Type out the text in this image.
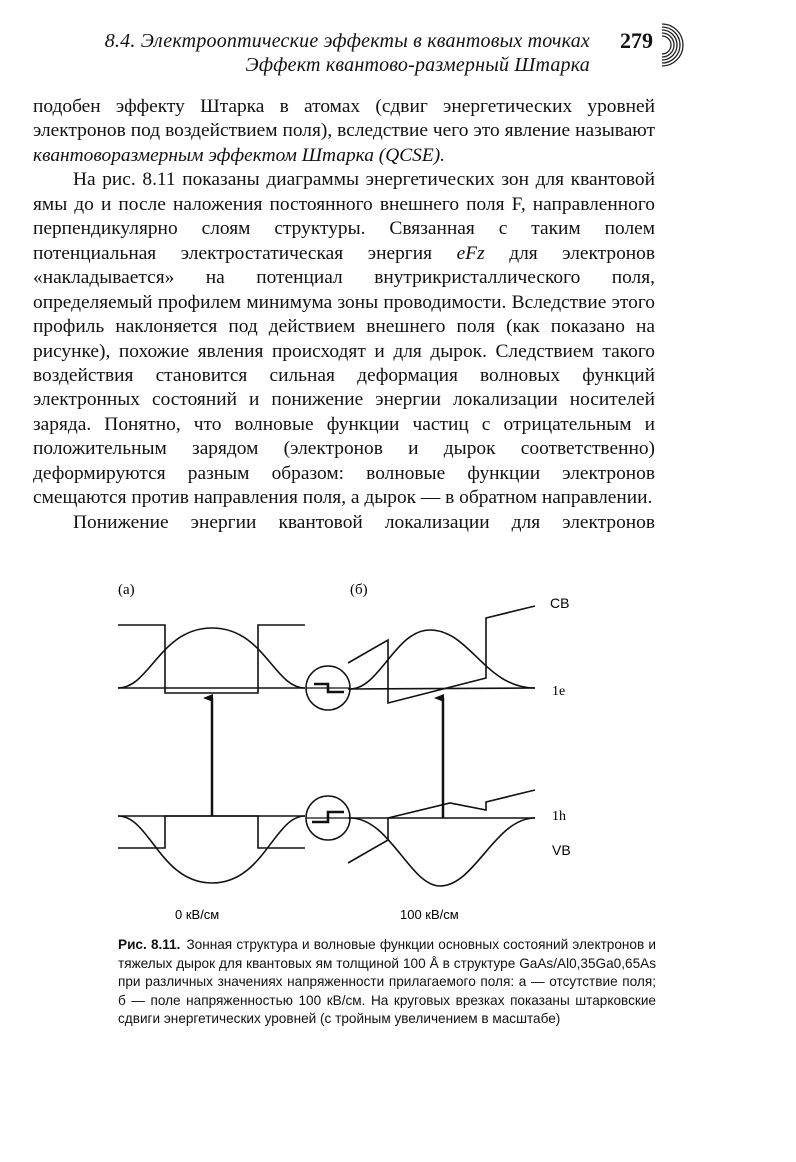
8.4. Электрооптические эффекты в квантовых точках
Эффект квантово-размерный Штарка
279

подобен эффекту Штарка в атомах (сдвиг энергетических уровней электронов под воздействием поля), вследствие чего это явление называют квантоворазмерным эффектом Штарка (QCSE).

На рис. 8.11 показаны диаграммы энергетических зон для квантовой ямы до и после наложения постоянного внешнего поля F, направленного перпендикулярно слоям структуры. Связанная с таким полем потенциальная электростатическая энергия eFz для электронов «накладывается» на потенциал внутрикристаллического поля, определяемый профилем минимума зоны проводимости. Вследствие этого профиль наклоняется под действием внешнего поля (как показано на рисунке), похожие явления происходят и для дырок. Следствием такого воздействия становится сильная деформация волновых функций электронных состояний и понижение энергии локализации носителей заряда. Понятно, что волновые функции частиц с отрицательным и положительным зарядом (электронов и дырок соответственно) деформируются разным образом: волновые функции электронов смещаются против направления поля, а дырок — в обратном направлении.
Понижение энергии квантовой локализации для электронов

(а)	(б)
CB
1e
1h
VB
0 кВ/см	100 кВ/см
Рис. 8.11. Зонная структура и волновые функции основных состояний электронов и тяжелых дырок для квантовых ям толщиной 100 Å в структуре GaAs/Al0,35Ga0,65As при различных значениях напряженности прилагаемого поля: а — отсутствие поля; б — поле напряженностью 100 кВ/см. На круговых врезках показаны штарковские сдвиги энергетических уровней (с тройным увеличением в масштабе)
